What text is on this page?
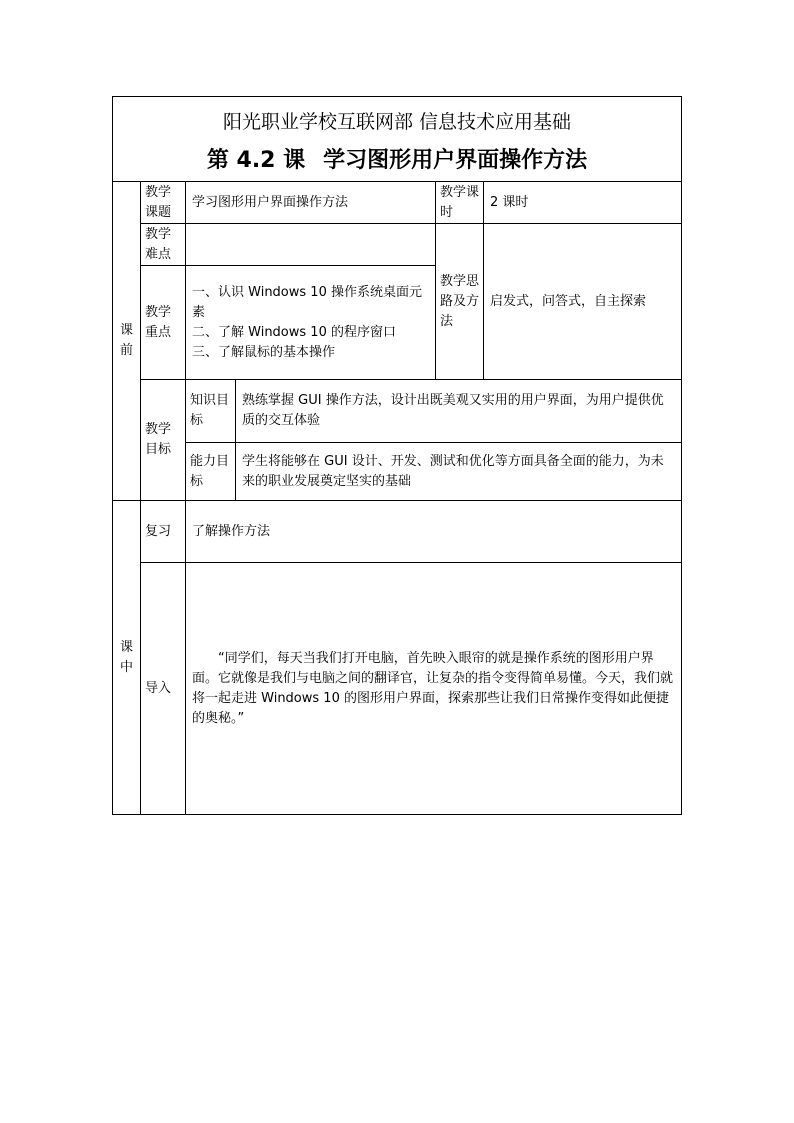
阳光职业学校互联网部 信息技术应用基础
第 4.2 课 学习图形用户界面操作方法					

课
前	教学课题	学习图形用户界面操作方法		教学课时	2 课时
	教学难点			教学思路及方法	启发式，问答式，自主探索
	教学重点	一、认识 Windows 10 操作系统桌面元素
二、了解 Windows 10 的程序窗口
三、了解鼠标的基本操作			

	教学目标	知识目标	熟练掌握 GUI 操作方法，设计出既美观又实用的用户界面，为用户提供优质的交互体验		
		能力目标	学生将能够在 GUI 设计、开发、测试和优化等方面具备全面的能力，为未来的职业发展奠定坚实的基础		

课
中	复习	了解操作方法			
	导入	“同学们，每天当我们打开电脑，首先映入眼帘的就是操作系统的图形用户界面。它就像是我们与电脑之间的翻译官，让复杂的指令变得简单易懂。今天，我们就将一起走进 Windows 10 的图形用户界面，探索那些让我们日常操作变得如此便捷的奥秘。”			
